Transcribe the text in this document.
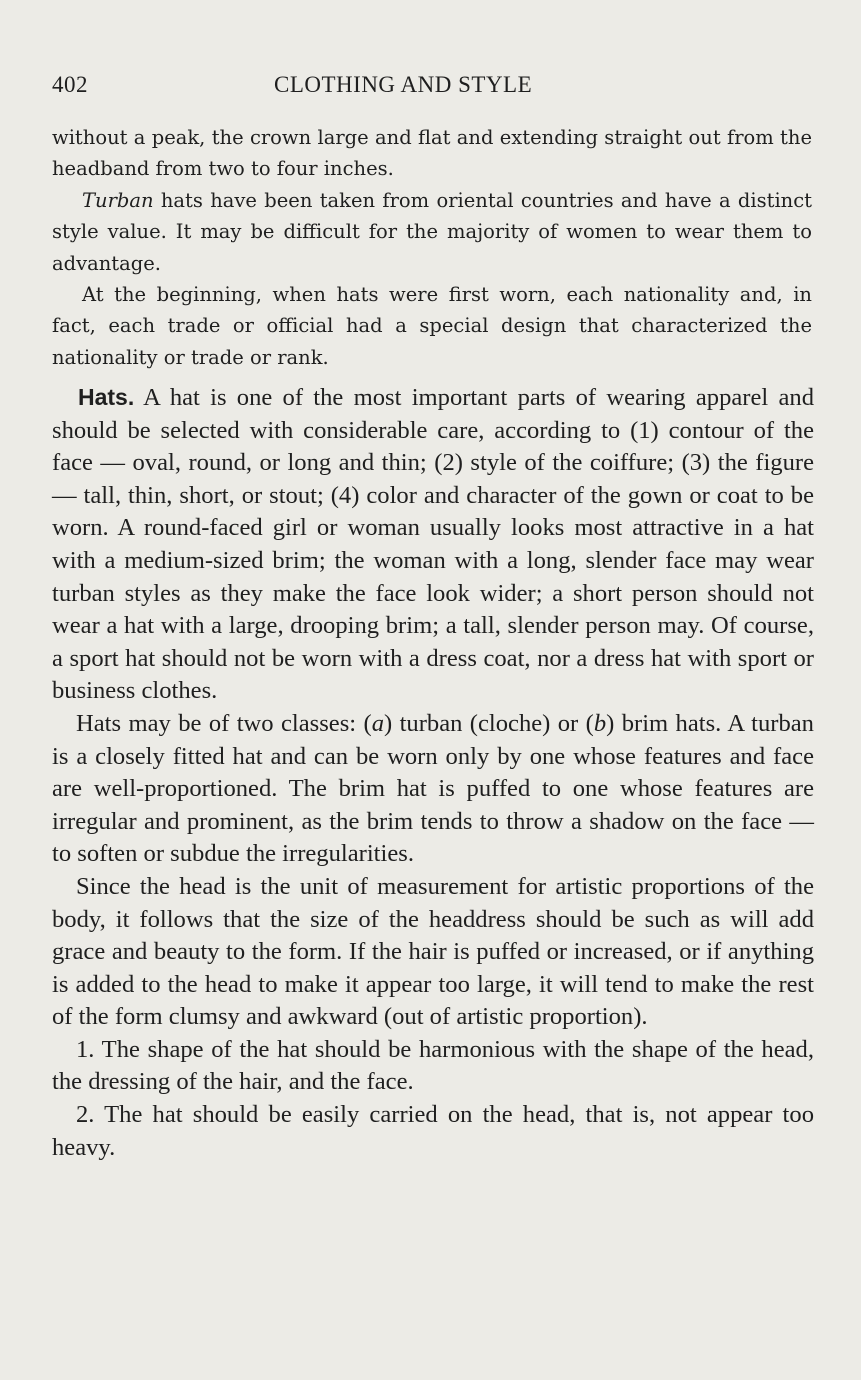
402	CLOTHING AND STYLE

without a peak, the crown large and flat and extending straight out from the headband from two to four inches.

Turban hats have been taken from oriental countries and have a distinct style value. It may be difficult for the majority of women to wear them to advantage.

At the beginning, when hats were first worn, each nationality and, in fact, each trade or official had a special design that characterized the nationality or trade or rank.

Hats. A hat is one of the most important parts of wearing apparel and should be selected with considerable care, according to (1) contour of the face — oval, round, or long and thin; (2) style of the coiffure; (3) the figure — tall, thin, short, or stout; (4) color and character of the gown or coat to be worn. A round-faced girl or woman usually looks most attractive in a hat with a medium-sized brim; the woman with a long, slender face may wear turban styles as they make the face look wider; a short person should not wear a hat with a large, drooping brim; a tall, slender person may. Of course, a sport hat should not be worn with a dress coat, nor a dress hat with sport or business clothes.

Hats may be of two classes: (a) turban (cloche) or (b) brim hats. A turban is a closely fitted hat and can be worn only by one whose features and face are well-proportioned. The brim hat is puffed to one whose features are irregular and prominent, as the brim tends to throw a shadow on the face — to soften or subdue the irregularities.

Since the head is the unit of measurement for artistic proportions of the body, it follows that the size of the headdress should be such as will add grace and beauty to the form. If the hair is puffed or increased, or if anything is added to the head to make it appear too large, it will tend to make the rest of the form clumsy and awkward (out of artistic proportion).

1. The shape of the hat should be harmonious with the shape of the head, the dressing of the hair, and the face.

2. The hat should be easily carried on the head, that is, not appear too heavy.
